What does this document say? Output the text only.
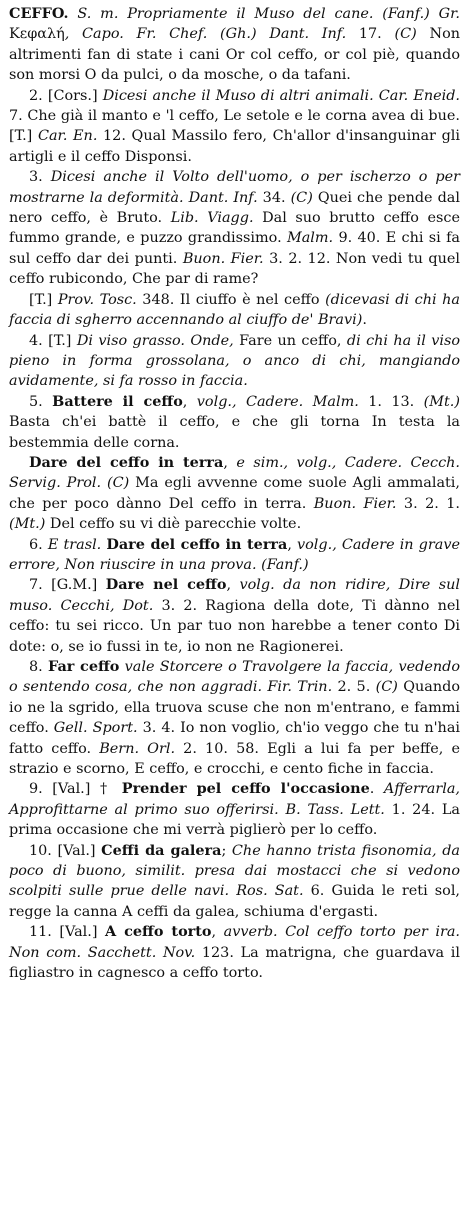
CEFFO. S. m. Propriamente il Muso del cane. (Fanf.) Gr. Κεφαλή, Capo. Fr. Chef. (Gh.) Dant. Inf. 17. (C) Non altrimenti fan di state i cani Or col ceffo, or col piè, quando son morsi O da pulci, o da mosche, o da tafani.

2. [Cors.] Dicesi anche il Muso di altri animali. Car. Eneid. 7. Che già il manto e 'l ceffo, Le setole e le corna avea di bue. [T.] Car. En. 12. Qual Massilo fero, Ch'allor d'insanguinar gli artigli e il ceffo Disponsi.

3. Dicesi anche il Volto dell'uomo, o per ischerzo o per mostrarne la deformità. Dant. Inf. 34. (C) Quei che pende dal nero ceffo, è Bruto. Lib. Viagg. Dal suo brutto ceffo esce fummo grande, e puzzo grandissimo. Malm. 9. 40. E chi si fa sul ceffo dar dei punti. Buon. Fier. 3. 2. 12. Non vedi tu quel ceffo rubicondo, Che par di rame?

[T.] Prov. Tosc. 348. Il ciuffo è nel ceffo (dicevasi di chi ha faccia di sgherro accennando al ciuffo de' Bravi).

4. [T.] Di viso grasso. Onde, Fare un ceffo, di chi ha il viso pieno in forma grossolana, o anco di chi, mangiando avidamente, si fa rosso in faccia.

5. Battere il ceffo, volg., Cadere. Malm. 1. 13. (Mt.) Basta ch'ei battè il ceffo, e che gli torna In testa la bestemmia delle corna.

Dare del ceffo in terra, e sim., volg., Cadere. Cecch. Servig. Prol. (C) Ma egli avvenne come suole Agli ammalati, che per poco dànno Del ceffo in terra. Buon. Fier. 3. 2. 1. (Mt.) Del ceffo su vi diè parecchie volte.

6. E trasl. Dare del ceffo in terra, volg., Cadere in grave errore, Non riuscire in una prova. (Fanf.)

7. [G.M.] Dare nel ceffo, volg. da non ridire, Dire sul muso. Cecchi, Dot. 3. 2. Ragiona della dote, Ti dànno nel ceffo: tu sei ricco. Un par tuo non harebbe a tener conto Di dote: o, se io fussi in te, io non ne Ragionerei.

8. Far ceffo vale Storcere o Travolgere la faccia, vedendo o sentendo cosa, che non aggradi. Fir. Trin. 2. 5. (C) Quando io ne la sgrido, ella truova scuse che non m'entrano, e fammi ceffo. Gell. Sport. 3. 4. Io non voglio, ch'io veggo che tu n'hai fatto ceffo. Bern. Orl. 2. 10. 58. Egli a lui fa per beffe, e strazio e scorno, E ceffo, e crocchi, e cento fiche in faccia.

9. [Val.] † Prender pel ceffo l'occasione. Afferrarla, Approfittarne al primo suo offerirsi. B. Tass. Lett. 1. 24. La prima occasione che mi verrà piglierò per lo ceffo.

10. [Val.] Ceffi da galera; Che hanno trista fisonomia, da poco di buono, similit. presa dai mostacci che si vedono scolpiti sulle prue delle navi. Ros. Sat. 6. Guida le reti sol, regge la canna A ceffi da galea, schiuma d'ergasti.

11. [Val.] A ceffo torto, avverb. Col ceffo torto per ira. Non com. Sacchett. Nov. 123. La matrigna, che guardava il figliastro in cagnesco a ceffo torto.
